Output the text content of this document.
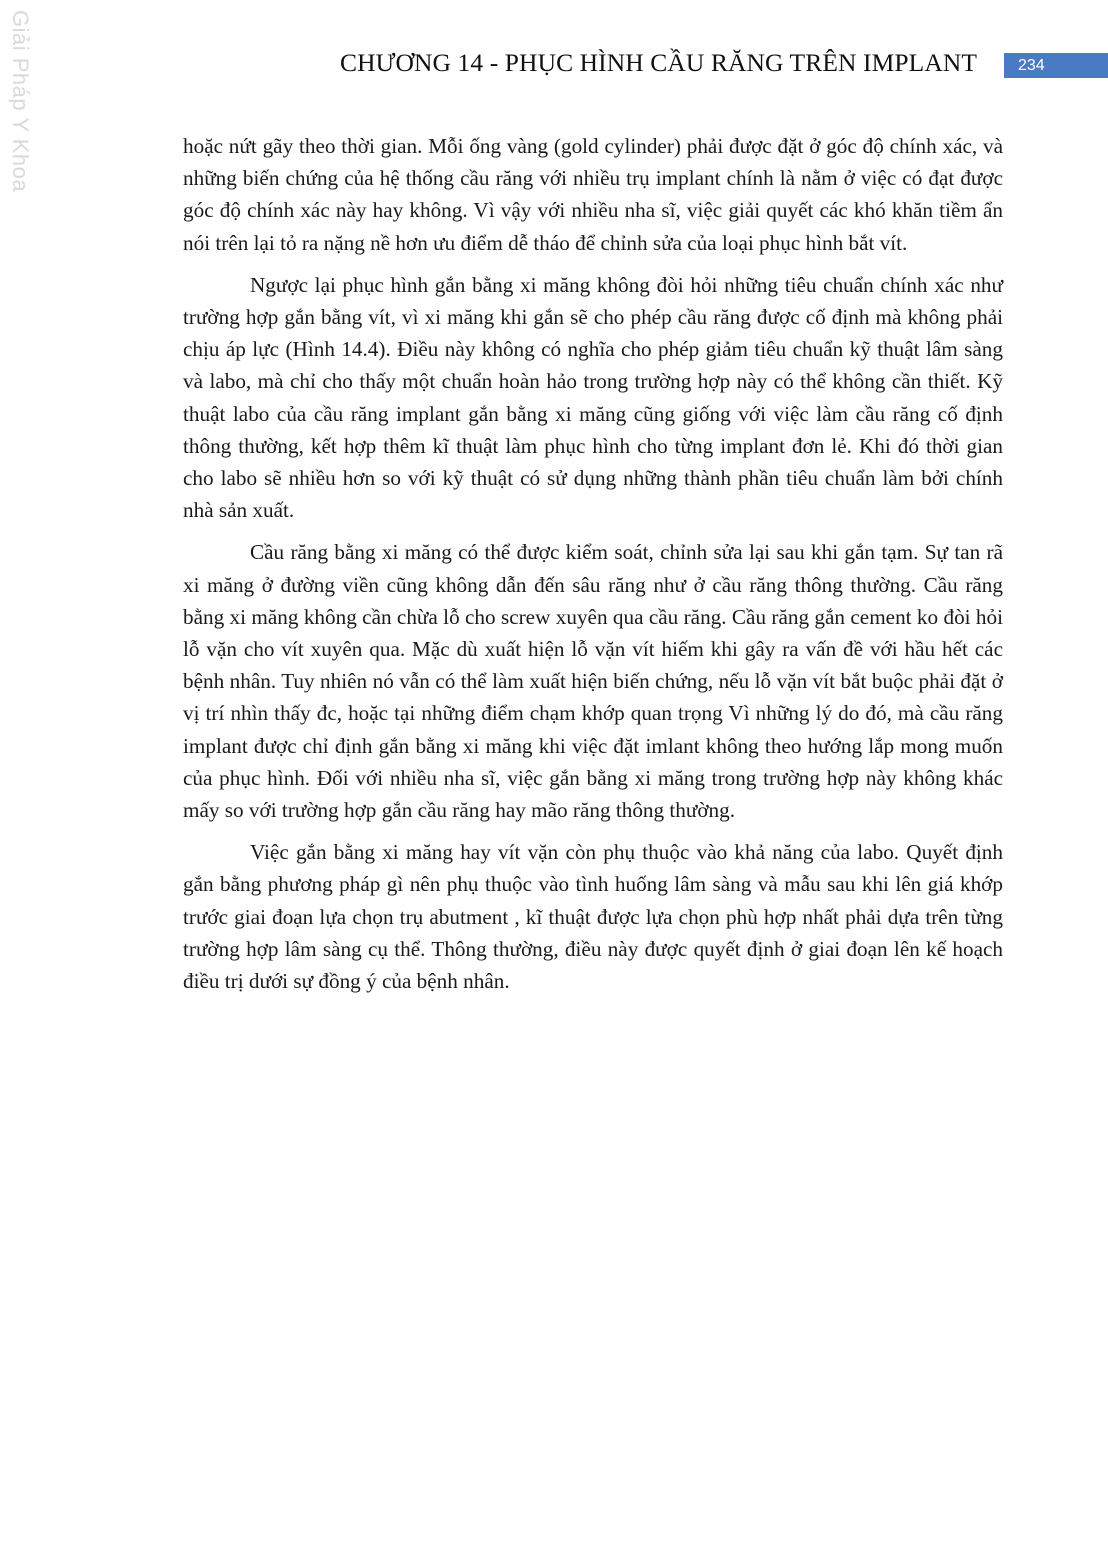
Giải Pháp Y Khoa	CHƯƠNG 14 - PHỤC HÌNH CẦU RĂNG TRÊN IMPLANT	234

hoặc nứt gãy theo thời gian. Mỗi ống vàng (gold cylinder) phải được đặt ở góc độ chính xác, và những biến chứng của hệ thống cầu răng với nhiều trụ implant chính là nằm ở việc có đạt được góc độ chính xác này hay không. Vì vậy với nhiều nha sĩ, việc giải quyết các khó khăn tiềm ẩn nói trên lại tỏ ra nặng nề hơn ưu điểm dễ tháo để chỉnh sửa của loại phục hình bắt vít.

Ngược lại phục hình gắn bằng xi măng không đòi hỏi những tiêu chuẩn chính xác như trường hợp gắn bằng vít, vì xi măng khi gắn sẽ cho phép cầu răng được cố định mà không phải chịu áp lực (Hình 14.4). Điều này không có nghĩa cho phép giảm tiêu chuẩn kỹ thuật lâm sàng và labo, mà chỉ cho thấy một chuẩn hoàn hảo trong trường hợp này có thể không cần thiết. Kỹ thuật labo của cầu răng implant gắn bằng xi măng cũng giống với việc làm cầu răng cố định thông thường, kết hợp thêm kĩ thuật làm phục hình cho từng implant đơn lẻ. Khi đó thời gian cho labo sẽ nhiều hơn so với kỹ thuật có sử dụng những thành phần tiêu chuẩn làm bởi chính nhà sản xuất.

Cầu răng bằng xi măng có thể được kiểm soát, chỉnh sửa lại sau khi gắn tạm. Sự tan rã xi măng ở đường viền cũng không dẫn đến sâu răng như ở cầu răng thông thường. Cầu răng bằng xi măng không cần chừa lỗ cho screw xuyên qua cầu răng. Cầu răng gắn cement ko đòi hỏi lỗ vặn cho vít xuyên qua. Mặc dù xuất hiện lỗ vặn vít hiếm khi gây ra vấn đề với hầu hết các bệnh nhân. Tuy nhiên nó vẫn có thể làm xuất hiện biến chứng, nếu lỗ vặn vít bắt buộc phải đặt ở vị trí nhìn thấy đc, hoặc tại những điểm chạm khớp quan trọng Vì những lý do đó, mà cầu răng implant được chỉ định gắn bằng xi măng khi việc đặt imlant không theo hướng lắp mong muốn của phục hình. Đối với nhiều nha sĩ, việc gắn bằng xi măng trong trường hợp này không khác mấy so với trường hợp gắn cầu răng hay mão răng thông thường.

Việc gắn bằng xi măng hay vít vặn còn phụ thuộc vào khả năng của labo. Quyết định gắn bằng phương pháp gì nên phụ thuộc vào tình huống lâm sàng và mẫu sau khi lên giá khớp trước giai đoạn lựa chọn trụ abutment , kĩ thuật được lựa chọn phù hợp nhất phải dựa trên từng trường hợp lâm sàng cụ thể. Thông thường, điều này được quyết định ở giai đoạn lên kế hoạch điều trị dưới sự đồng ý của bệnh nhân.
